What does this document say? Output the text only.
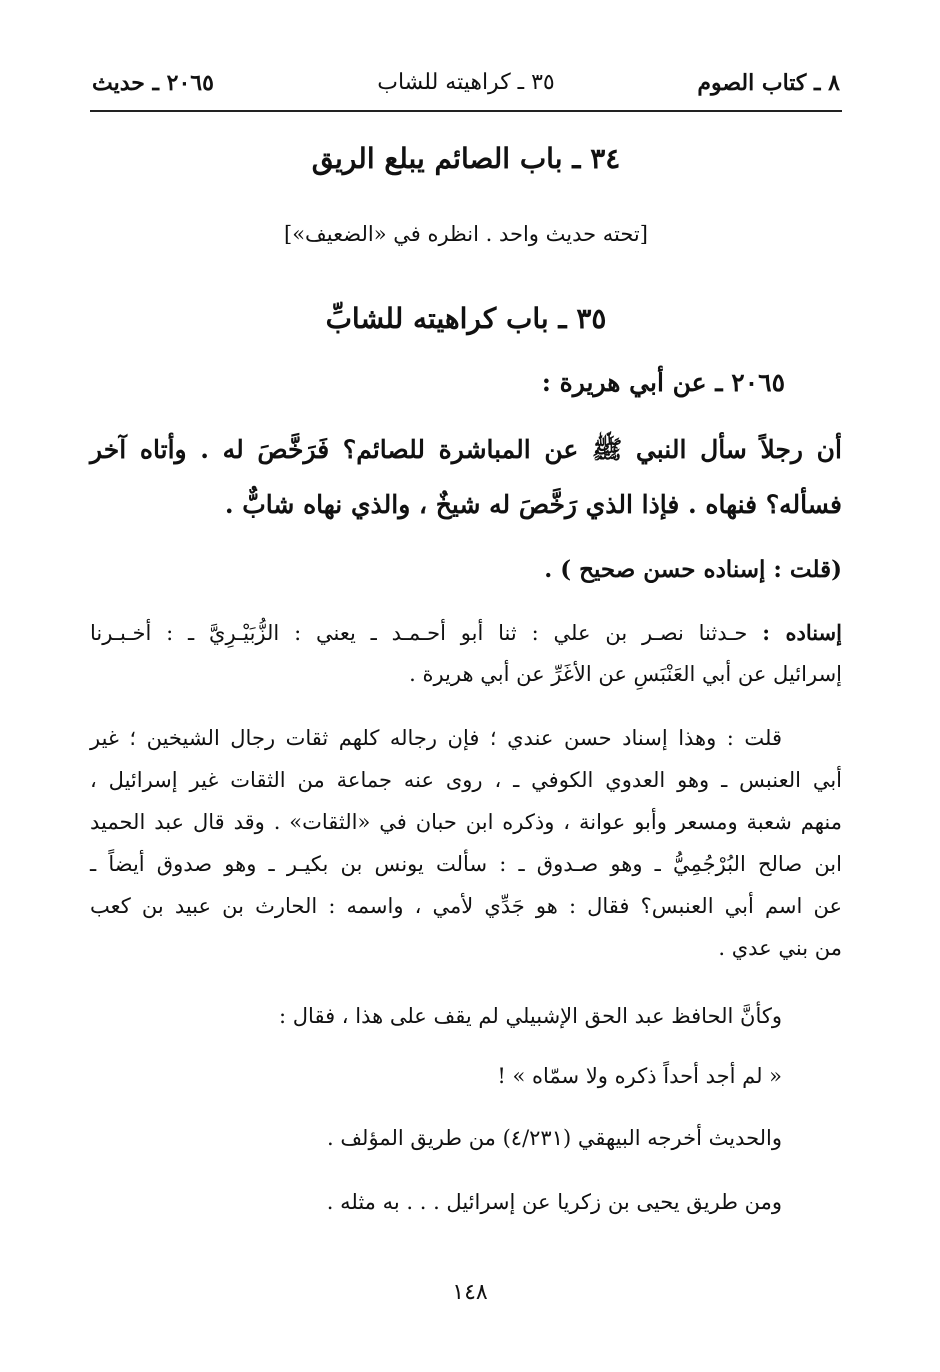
٨ ـ كتاب الصوم
٣٥ ـ كراهيته للشاب
٢٠٦٥ ـ حديث
٣٤ ـ باب الصائم يبلع الريق
[تحته حديث واحد . انظره في «الضعيف»]
٣٥ ـ باب كراهيته للشابِّ
٢٠٦٥ ـ عن أبي هريرة :
أن رجلاً سأل النبي ﷺ عن المباشرة للصائم؟ فَرَخَّصَ له . وأتاه آخر
فسأله؟ فنهاه . فإذا الذي رَخَّصَ له شيخٌ ، والذي نهاه شابٌّ .
(قلت : إسناده حسن صحيح ) .
إسناده : حـدثنا نصـر بن علي : ثنا أبو أحـمـد ـ يعني : الزُّبَيْـرِيَّ ـ : أخـبـرنا
إسرائيل عن أبي العَنْبَسِ عن الأغَرِّ عن أبي هريرة .
قلت : وهذا إسناد حسن عندي ؛ فإن رجاله كلهم ثقات رجال الشيخين ؛ غير
أبي العنبس ـ وهو العدوي الكوفي ـ ، روى عنه جماعة من الثقات غير إسرائيل ،
منهم شعبة ومسعر وأبو عوانة ، وذكره ابن حبان في «الثقات» . وقد قال عبد الحميد
ابن صالح البُرْجُمِيُّ ـ وهو صـدوق ـ : سألت يونس بن بكيـر ـ وهو صدوق أيضاً ـ
عن اسم أبي العنبس؟ فقال : هو جَدِّي لأمي ، واسمه : الحارث بن عبيد بن كعب
من بني عدي .
وكأنَّ الحافظ عبد الحق الإشبيلي لم يقف على هذا ، فقال :
« لم أجد أحداً ذكره ولا سمّاه » !
والحديث أخرجه البيهقي (٤/٢٣١) من طريق المؤلف .
ومن طريق يحيى بن زكريا عن إسرائيل . . . به مثله .
١٤٨
